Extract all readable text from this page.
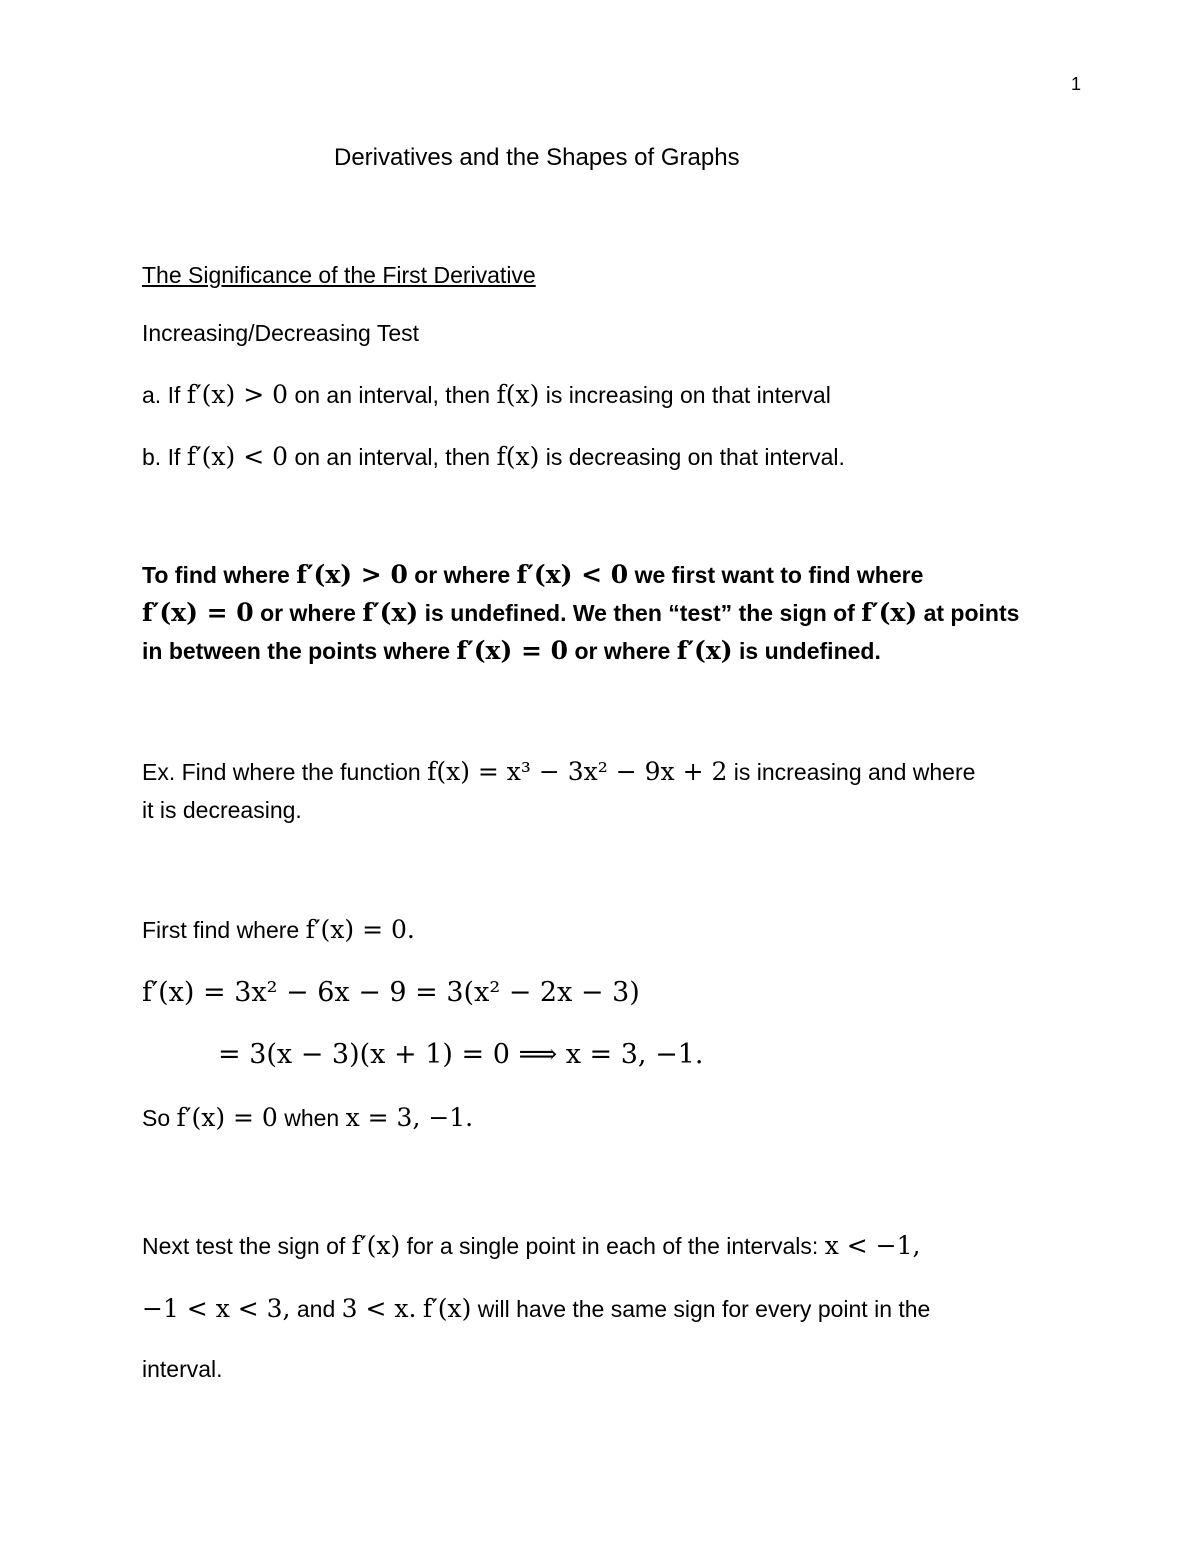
1
Derivatives and the Shapes of Graphs
The Significance of the First Derivative
Increasing/Decreasing Test
a. If f′(x) > 0 on an interval, then f(x) is increasing on that interval
b. If f′(x) < 0 on an interval, then f(x) is decreasing on that interval.
To find where f′(x) > 0 or where f′(x) < 0 we first want to find where
f′(x) = 0 or where f′(x) is undefined. We then “test” the sign of f′(x) at points
in between the points where f′(x) = 0 or where f′(x) is undefined.
Ex. Find where the function f(x) = x³ − 3x² − 9x + 2 is increasing and where
it is decreasing.
First find where f′(x) = 0.
f′(x) = 3x² − 6x − 9 = 3(x² − 2x − 3)
= 3(x − 3)(x + 1) = 0 ⟹ x = 3, −1.
So f′(x) = 0 when x = 3, −1.
Next test the sign of f′(x) for a single point in each of the intervals: x < −1,
−1 < x < 3, and 3 < x. f′(x) will have the same sign for every point in the
interval.
